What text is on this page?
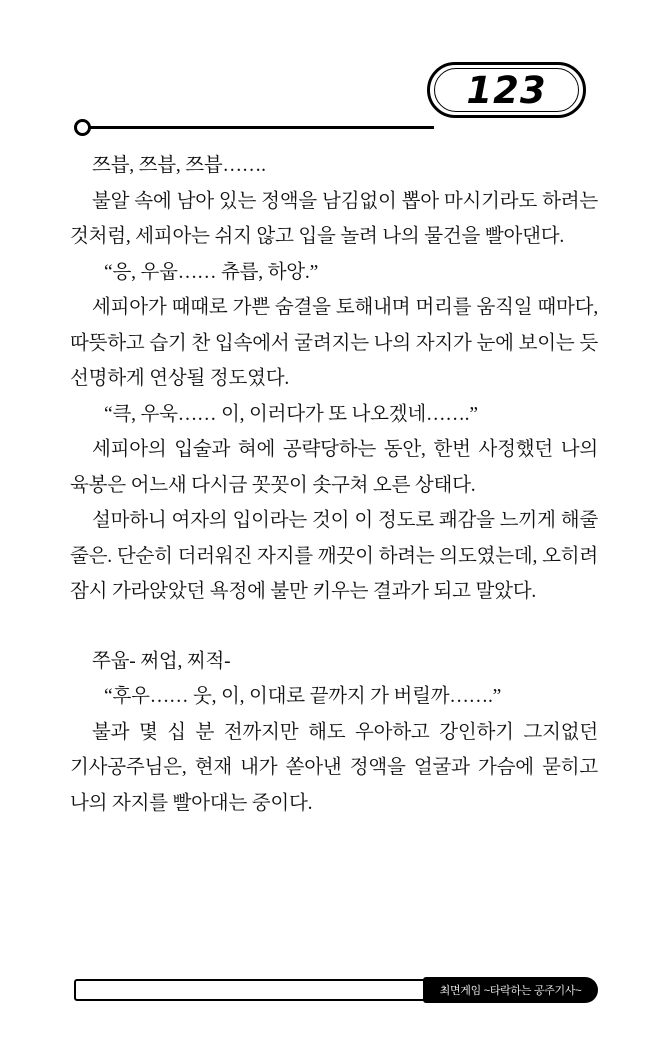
123

쯔븝, 쯔븝, 쯔븝…….

불알 속에 남아 있는 정액을 남김없이 뽑아 마시기라도 하려는 것처럼, 세피아는 쉬지 않고 입을 놀려 나의 물건을 빨아댄다.

“응, 우웁…… 츄릅, 하앙.”

세피아가 때때로 가쁜 숨결을 토해내며 머리를 움직일 때마다, 따뜻하고 습기 찬 입속에서 굴려지는 나의 자지가 눈에 보이는 듯 선명하게 연상될 정도였다.

“큭, 우욱…… 이, 이러다가 또 나오겠네…….”

세피아의 입술과 혀에 공략당하는 동안, 한번 사정했던 나의 육봉은 어느새 다시금 꼿꼿이 솟구쳐 오른 상태다.

설마하니 여자의 입이라는 것이 이 정도로 쾌감을 느끼게 해줄 줄은. 단순히 더러워진 자지를 깨끗이 하려는 의도였는데, 오히려 잠시 가라앉았던 욕정에 불만 키우는 결과가 되고 말았다.

쭈웁- 쩌업, 찌적-

“후우…… 웃, 이, 이대로 끝까지 가 버릴까…….”

불과 몇 십 분 전까지만 해도 우아하고 강인하기 그지없던 기사공주님은, 현재 내가 쏟아낸 정액을 얼굴과 가슴에 묻히고 나의 자지를 빨아대는 중이다.

최면게임 ~타락하는 공주기사~
